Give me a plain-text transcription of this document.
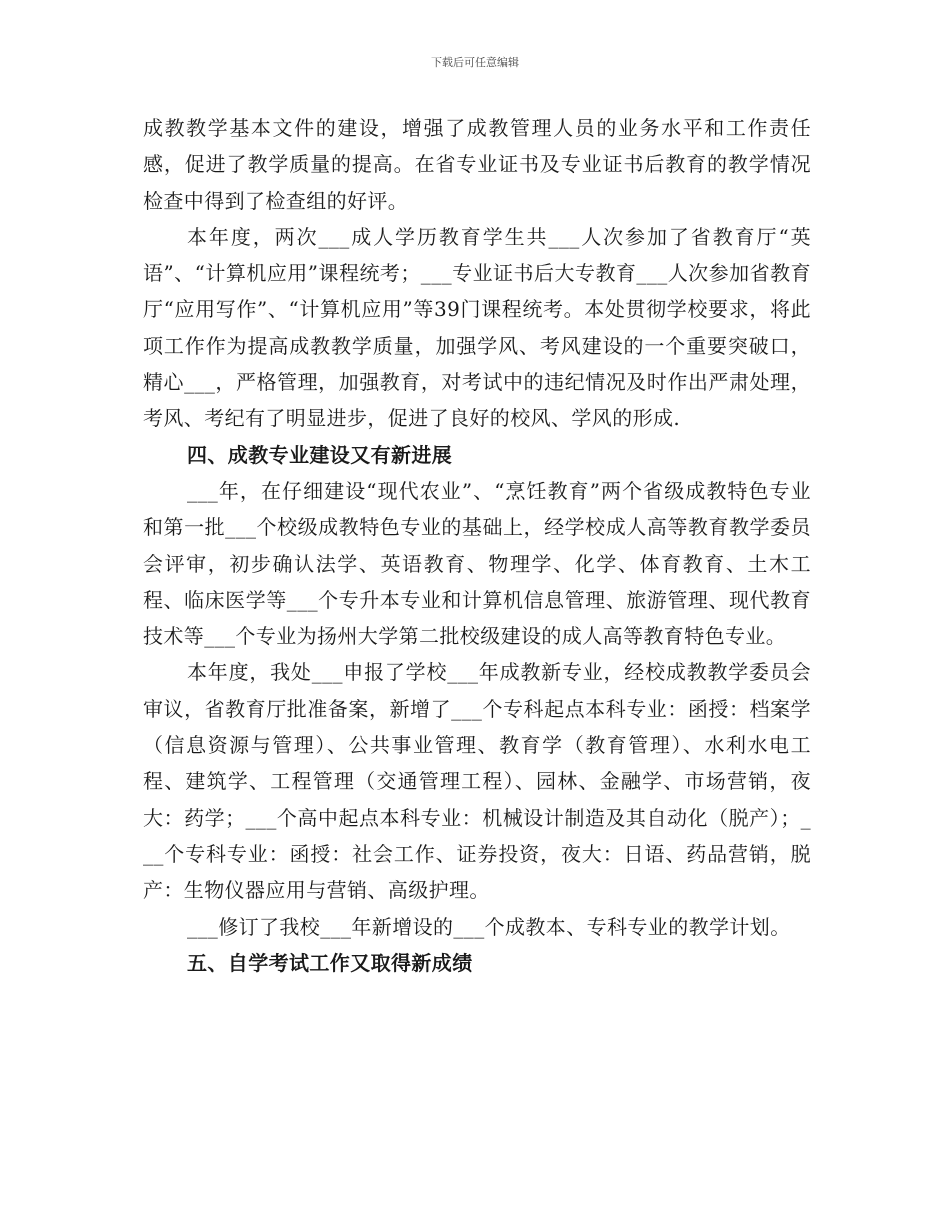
下载后可任意编辑

成教教学基本文件的建设，增强了成教管理人员的业务水平和工作责任感，促进了教学质量的提高。在省专业证书及专业证书后教育的教学情况检查中得到了检查组的好评。

本年度，两次___成人学历教育学生共___人次参加了省教育厅“英语”、“计算机应用”课程统考；___专业证书后大专教育___人次参加省教育厅“应用写作”、“计算机应用”等39门课程统考。本处贯彻学校要求，将此项工作作为提高成教教学质量，加强学风、考风建设的一个重要突破口，精心___，严格管理，加强教育，对考试中的违纪情况及时作出严肃处理，考风、考纪有了明显进步，促进了良好的校风、学风的形成.

四、成教专业建设又有新进展

___年，在仔细建设“现代农业”、“烹饪教育”两个省级成教特色专业和第一批___个校级成教特色专业的基础上，经学校成人高等教育教学委员会评审，初步确认法学、英语教育、物理学、化学、体育教育、土木工程、临床医学等___个专升本专业和计算机信息管理、旅游管理、现代教育技术等___个专业为扬州大学第二批校级建设的成人高等教育特色专业。

本年度，我处___申报了学校___年成教新专业，经校成教教学委员会审议，省教育厅批准备案，新增了___个专科起点本科专业：函授：档案学（信息资源与管理）、公共事业管理、教育学（教育管理）、水利水电工程、建筑学、工程管理（交通管理工程）、园林、金融学、市场营销，夜大：药学；___个高中起点本科专业：机械设计制造及其自动化（脱产）；___个专科专业：函授：社会工作、证券投资，夜大：日语、药品营销，脱产：生物仪器应用与营销、高级护理。

___修订了我校___年新增设的___个成教本、专科专业的教学计划。

五、自学考试工作又取得新成绩
